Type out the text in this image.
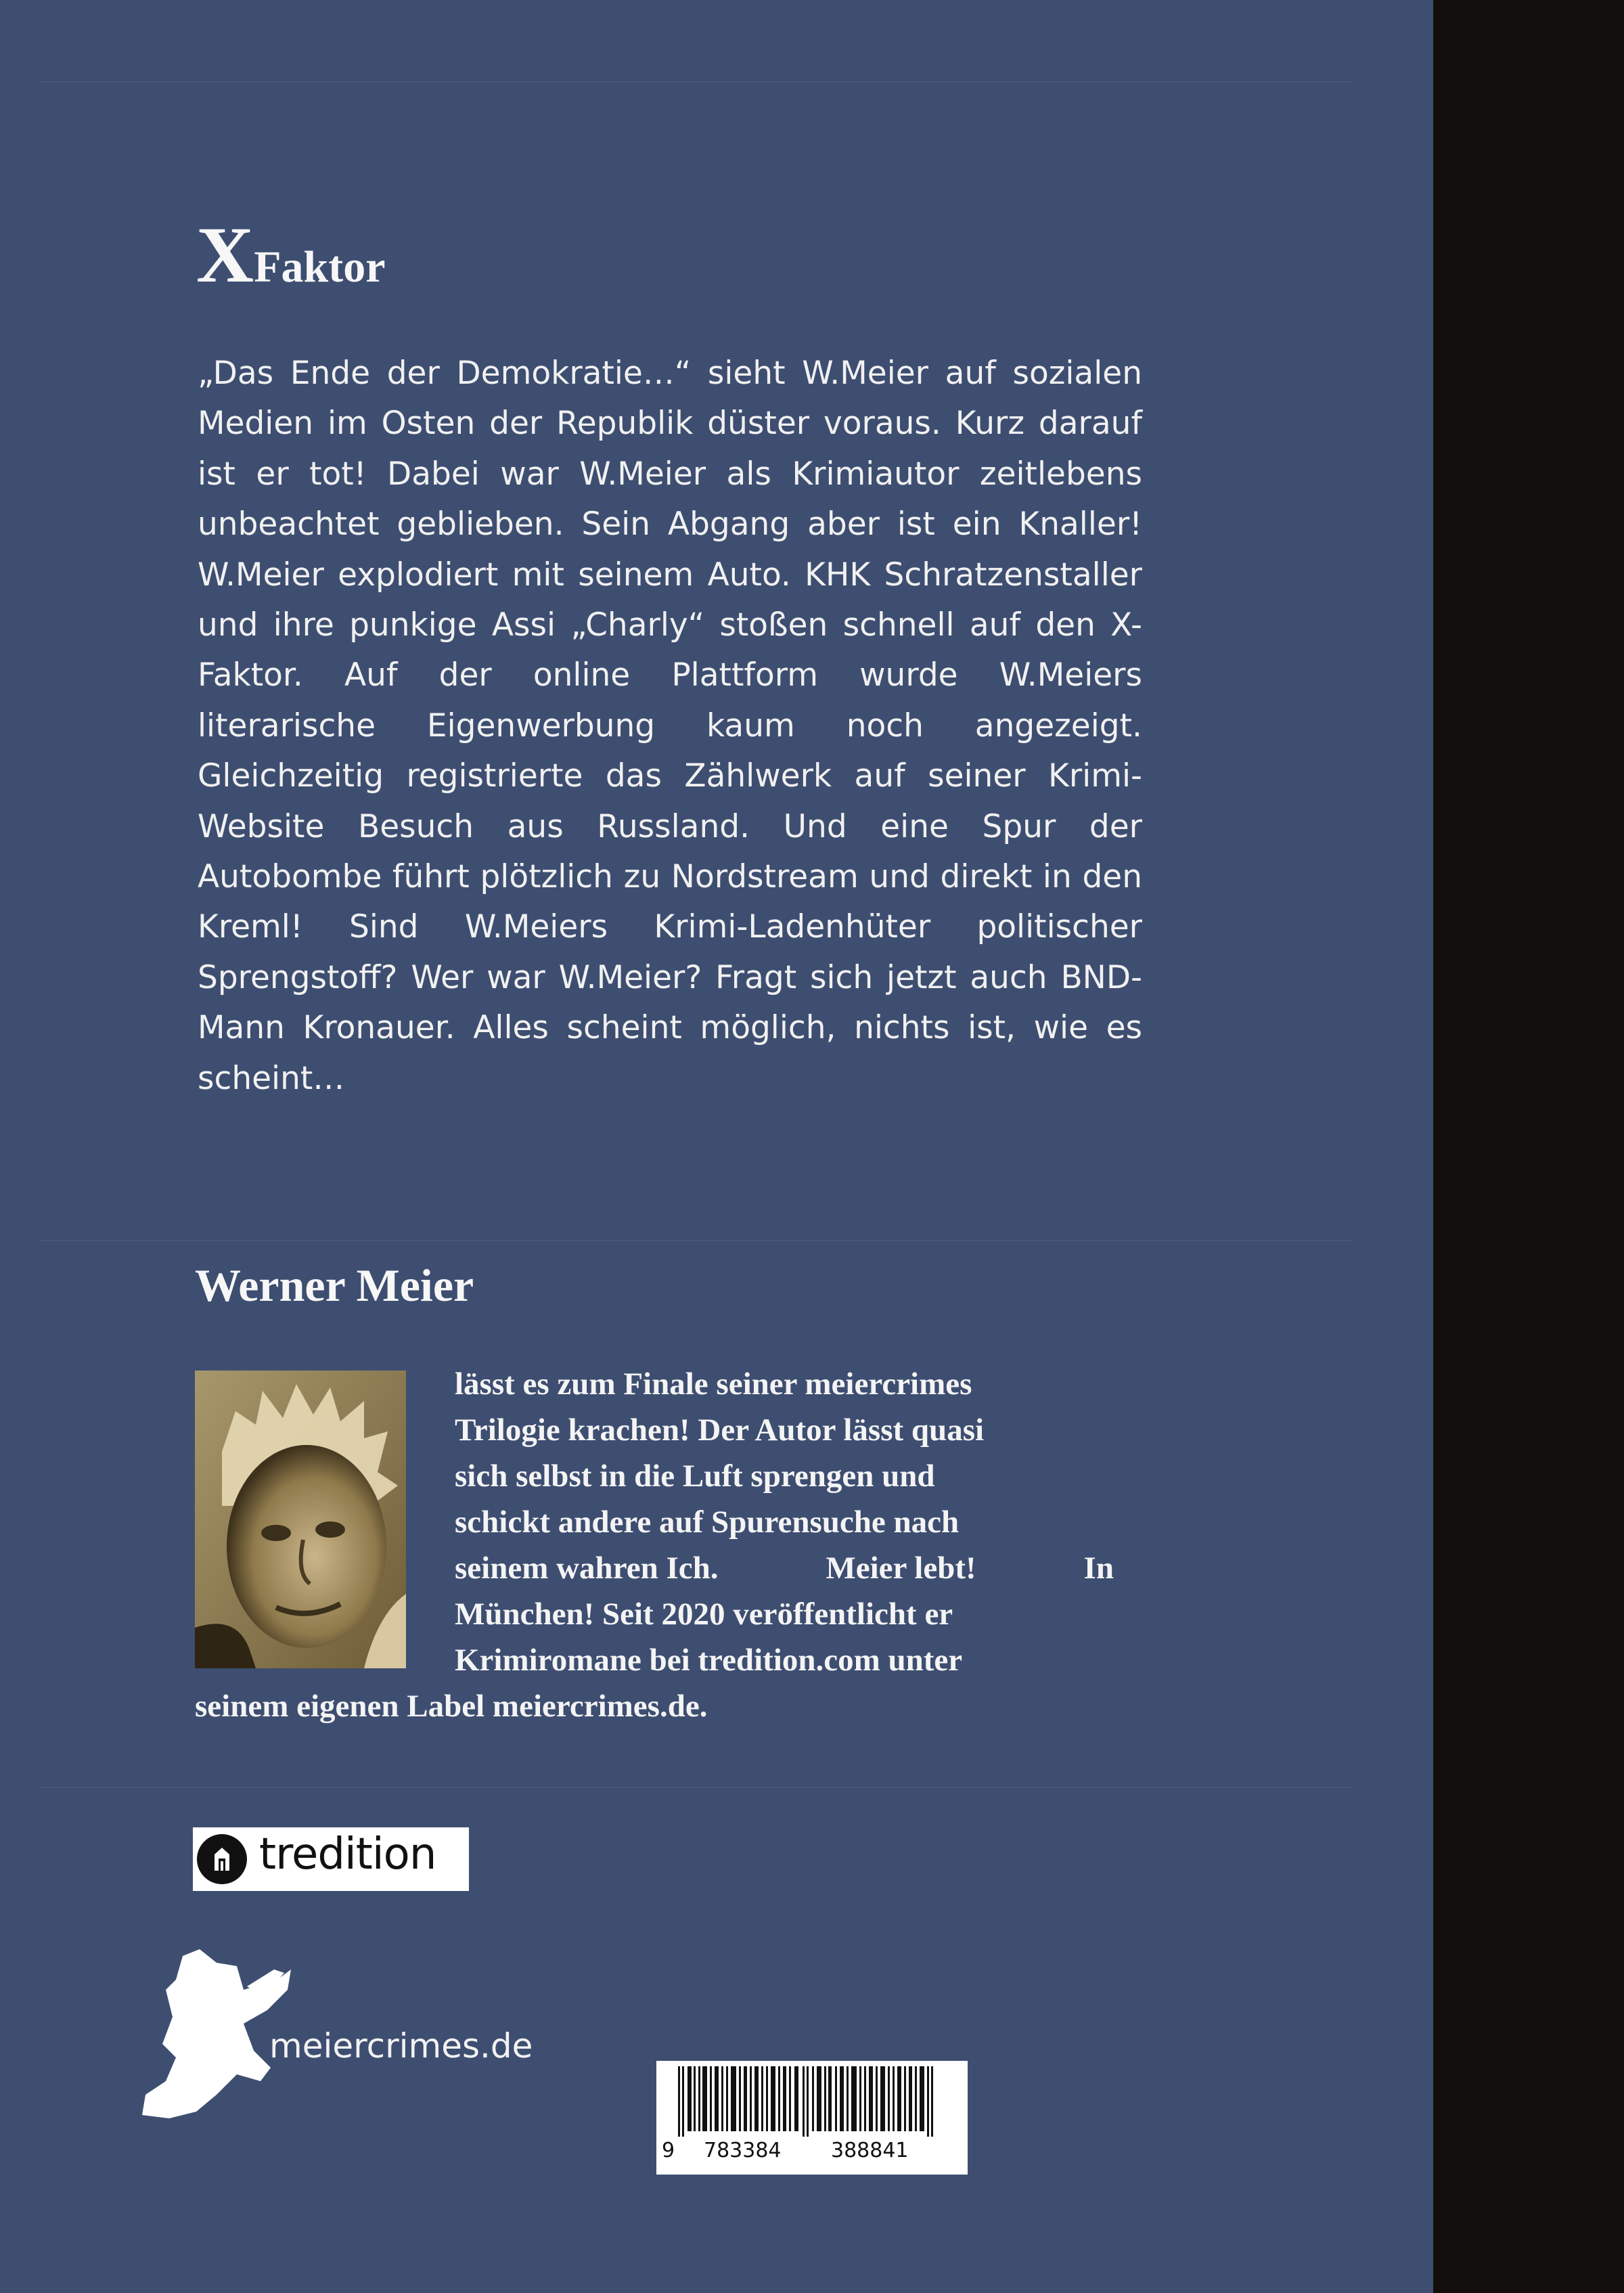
XFaktor

„Das Ende der Demokratie…“ sieht W.Meier auf sozialen Medien im Osten der Republik düster voraus. Kurz darauf ist er tot! Dabei war W.Meier als Krimiautor zeitlebens unbeachtet geblieben. Sein Abgang aber ist ein Knaller! W.Meier explodiert mit seinem Auto. KHK Schratzenstaller und ihre punkige Assi „Charly“ stoßen schnell auf den X-Faktor. Auf der online Plattform wurde W.Meiers literarische Eigenwerbung kaum noch angezeigt. Gleichzeitig registrierte das Zählwerk auf seiner Krimi-Website Besuch aus Russland. Und eine Spur der Autobombe führt plötzlich zu Nordstream und direkt in den Kreml! Sind W.Meiers Krimi-Ladenhüter politischer Sprengstoff? Wer war W.Meier? Fragt sich jetzt auch BND-Mann Kronauer. Alles scheint möglich, nichts ist, wie es scheint…

Werner Meier
lässt es zum Finale seiner meiercrimes
Trilogie krachen! Der Autor lässt quasi
sich selbst in die Luft sprengen und
schickt andere auf Spurensuche nach
seinem wahren Ich.	Meier lebt!	In
München! Seit 2020 veröffentlicht er
Krimiromane bei tredition.com unter
seinem eigenen Label meiercrimes.de.
tredition
meiercrimes.de
9 783384 388841
